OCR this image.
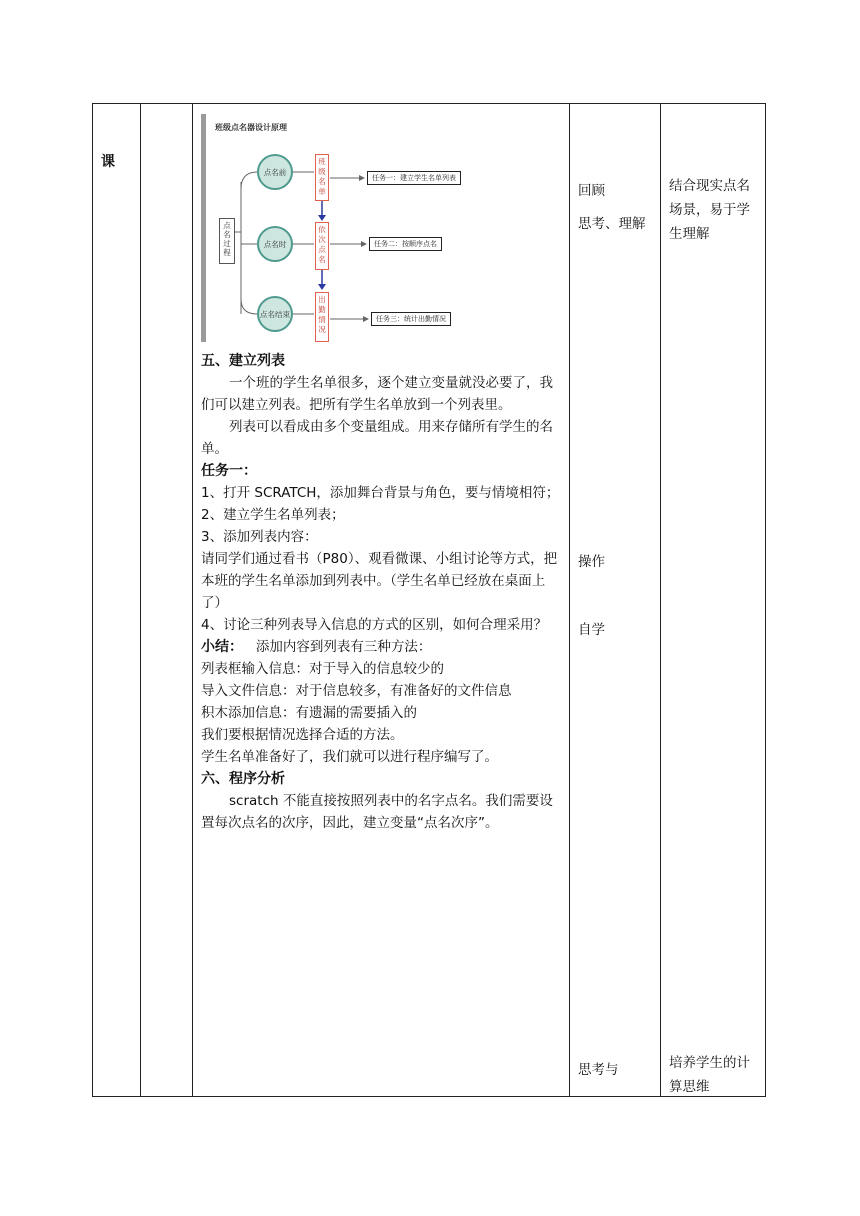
课
班级点名器设计原理
点名过程
点名前
点名时
点名结束
班级名单
依次点名
出勤情况
任务一：建立学生名单列表
任务二：按顺序点名
任务三：统计出勤情况

五、建立列表

一个班的学生名单很多，逐个建立变量就没必要了，我们可以建立列表。把所有学生名单放到一个列表里。

列表可以看成由多个变量组成。用来存储所有学生的名单。

任务一：

1、打开 SCRATCH，添加舞台背景与角色，要与情境相符；

2、建立学生名单列表；

3、添加列表内容：

请同学们通过看书（P80）、观看微课、小组讨论等方式，把本班的学生名单添加到列表中。（学生名单已经放在桌面上了）

4、讨论三种列表导入信息的方式的区别，如何合理采用？

小结： 添加内容到列表有三种方法：

列表框输入信息：对于导入的信息较少的

导入文件信息：对于信息较多，有准备好的文件信息

积木添加信息：有遗漏的需要插入的

我们要根据情况选择合适的方法。

学生名单准备好了，我们就可以进行程序编写了。

六、程序分析

scratch 不能直接按照列表中的名字点名。我们需要设置每次点名的次序，因此，建立变量“点名次序”。

回顾
思考、理解
操作
自学
思考与
结合现实点名场景，易于学生理解
培养学生的计算思维
